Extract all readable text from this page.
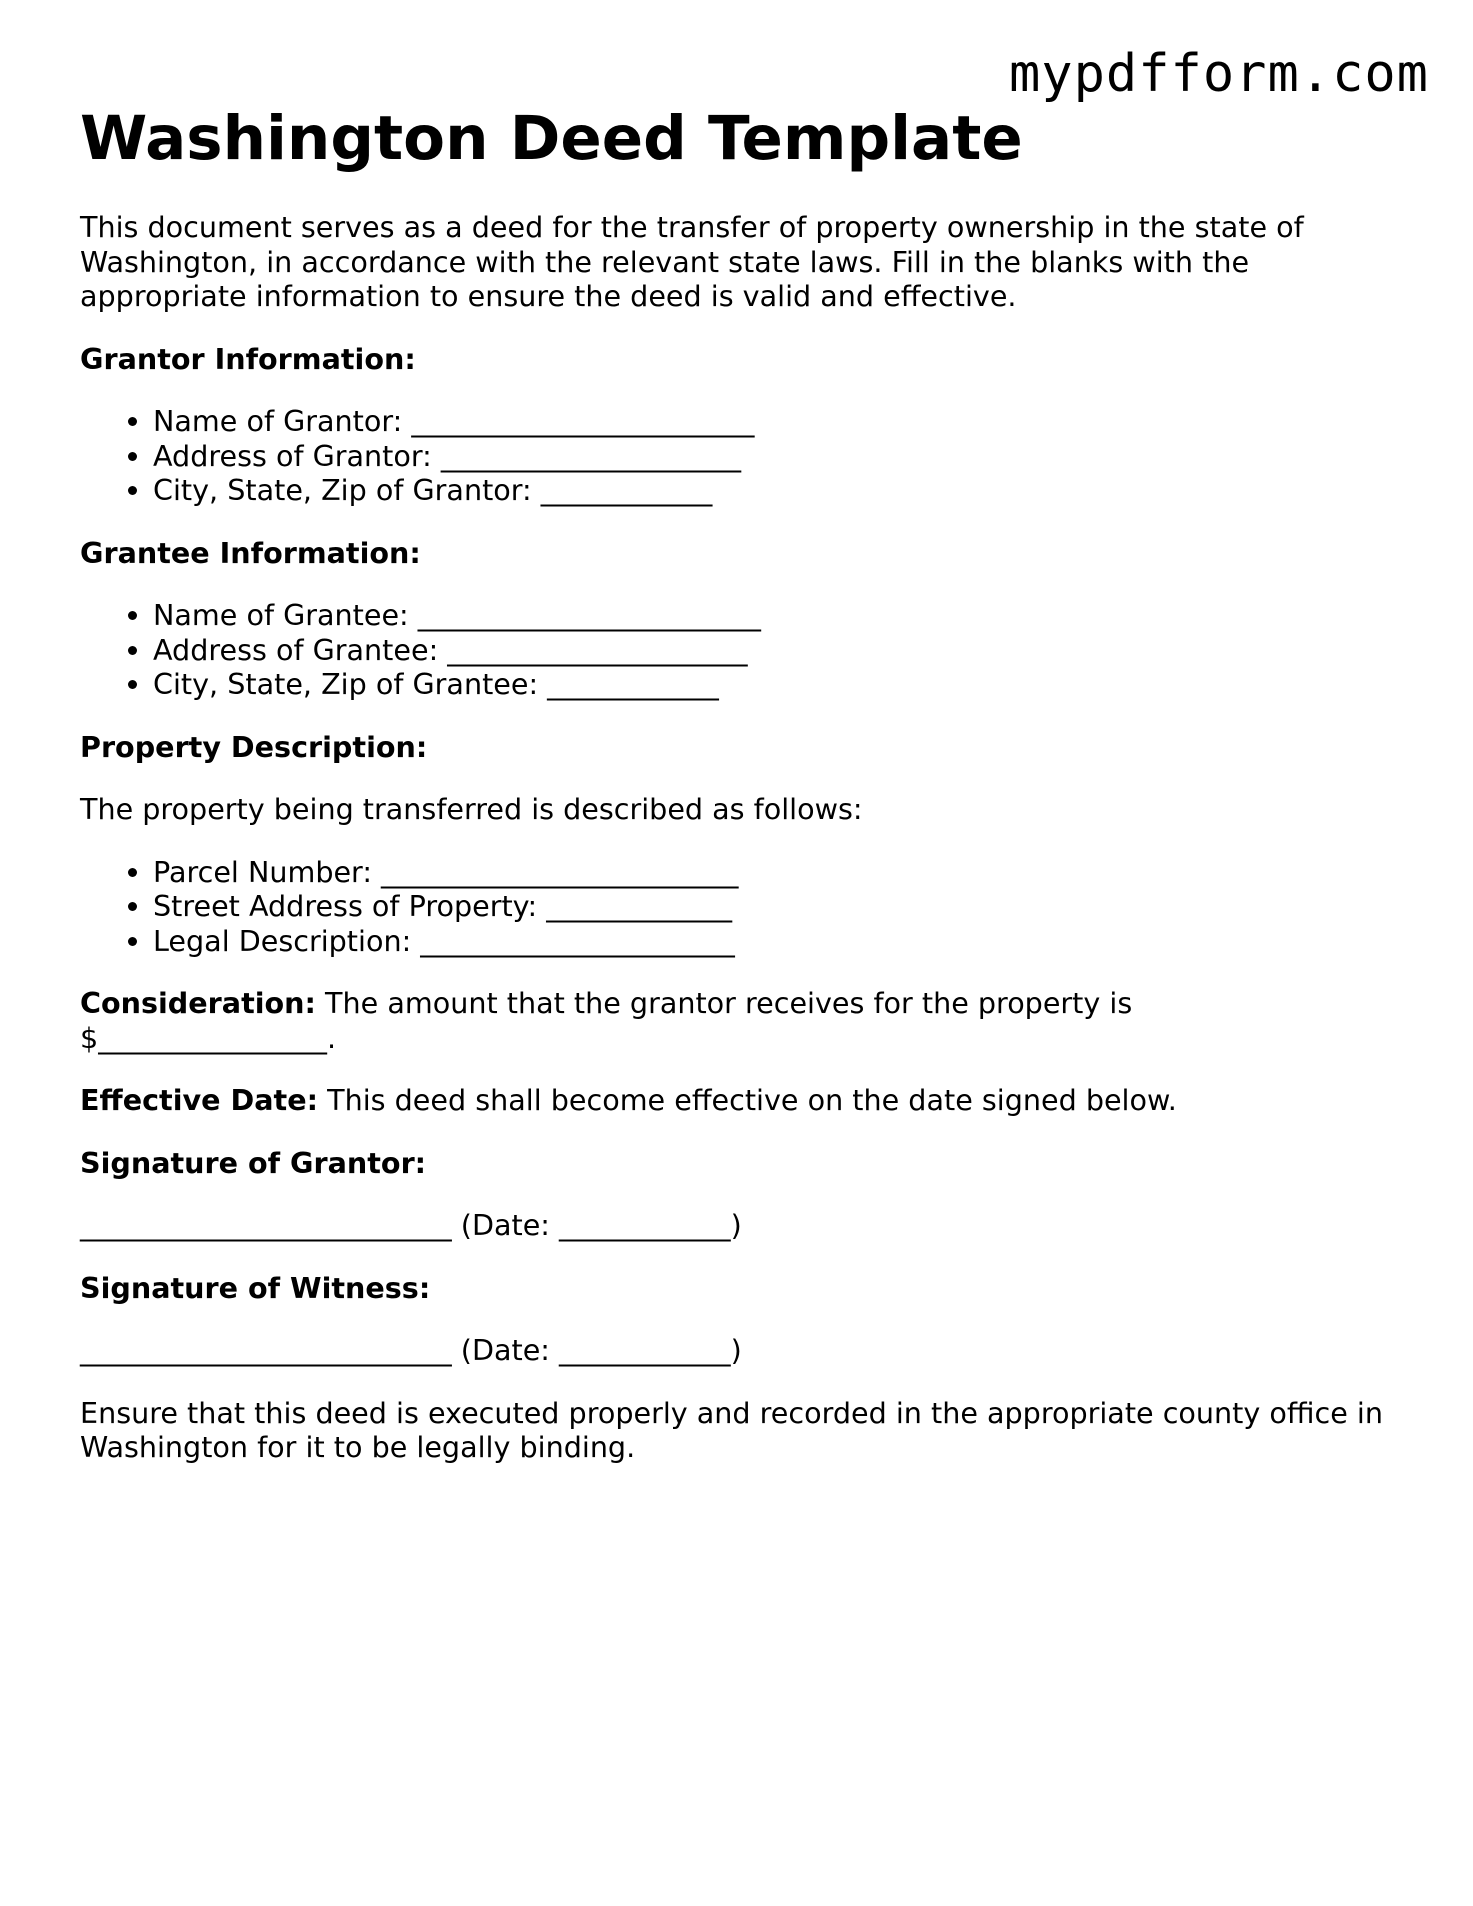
mypdfform.com
Washington Deed Template

This document serves as a deed for the transfer of property ownership in the state of Washington, in accordance with the relevant state laws. Fill in the blanks with the appropriate information to ensure the deed is valid and effective.

Grantor Information:
• Name of Grantor: ________________________
• Address of Grantor: _____________________
• City, State, Zip of Grantor: ____________
Grantee Information:
• Name of Grantee: ________________________
• Address of Grantee: _____________________
• City, State, Zip of Grantee: ____________
Property Description:

The property being transferred is described as follows:

• Parcel Number: _________________________
• Street Address of Property: _____________
• Legal Description: ______________________

Consideration: The amount that the grantor receives for the property is $________________.

Effective Date: This deed shall become effective on the date signed below.

Signature of Grantor:

__________________________ (Date: ____________)

Signature of Witness:

__________________________ (Date: ____________)

Ensure that this deed is executed properly and recorded in the appropriate county office in Washington for it to be legally binding.
